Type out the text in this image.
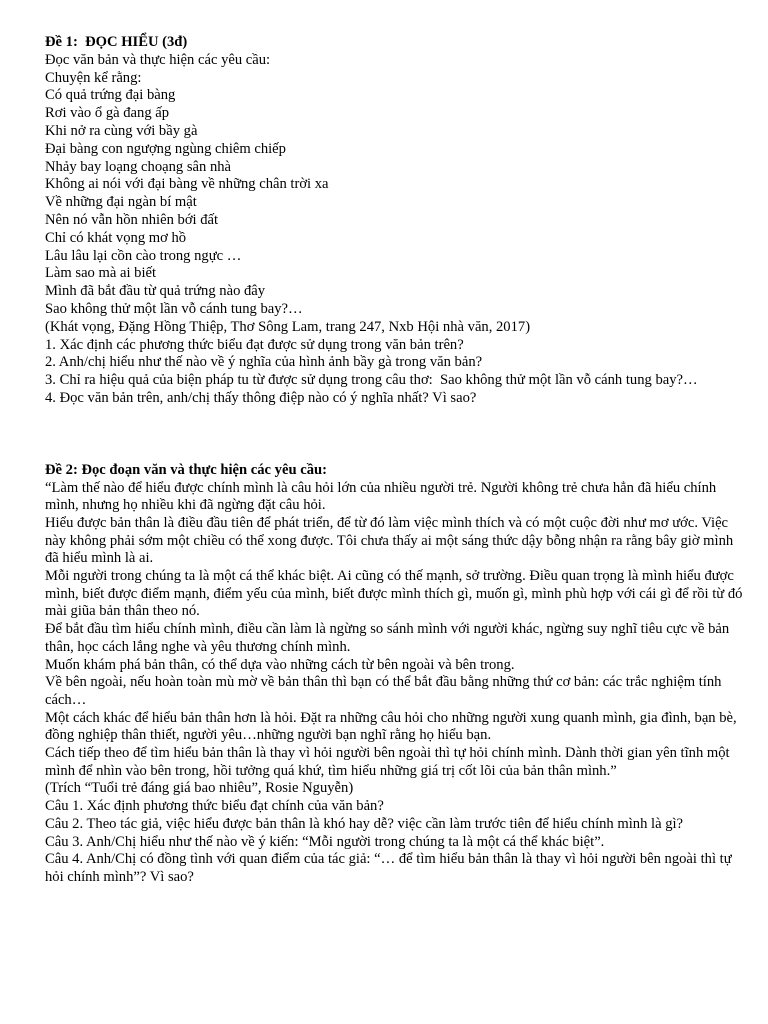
Đề 1:  ĐỌC HIỂU (3đ)
Đọc văn bản và thực hiện các yêu cầu:
Chuyện kể rằng:
Có quả trứng đại bàng
Rơi vào ổ gà đang ấp
Khi nở ra cùng với bầy gà
Đại bàng con ngượng ngùng chiêm chiếp
Nhảy bay loạng choạng sân nhà
Không ai nói với đại bàng về những chân trời xa
Về những đại ngàn bí mật
Nên nó vẫn hồn nhiên bới đất
Chỉ có khát vọng mơ hồ
Lâu lâu lại cồn cào trong ngực …
Làm sao mà ai biết
Mình đã bắt đầu từ quả trứng nào đây
Sao không thử một lần vỗ cánh tung bay?…
(Khát vọng, Đặng Hồng Thiệp, Thơ Sông Lam, trang 247, Nxb Hội nhà văn, 2017)
1. Xác định các phương thức biểu đạt được sử dụng trong văn bản trên?
2. Anh/chị hiểu như thế nào về ý nghĩa của hình ảnh bầy gà trong văn bản?
3. Chỉ ra hiệu quả của biện pháp tu từ được sử dụng trong câu thơ:  Sao không thử một lần vỗ cánh tung bay?…
4. Đọc văn bản trên, anh/chị thấy thông điệp nào có ý nghĩa nhất? Vì sao?
Đề 2: Đọc đoạn văn và thực hiện các yêu cầu:
“Làm thế nào để hiểu được chính mình là câu hỏi lớn của nhiều người trẻ. Người không trẻ chưa hẳn đã hiểu chính mình, nhưng họ nhiều khi đã ngừng đặt câu hỏi.
Hiểu được bản thân là điều đầu tiên để phát triển, để từ đó làm việc mình thích và có một cuộc đời như mơ ước. Việc này không phải sớm một chiều có thể xong được. Tôi chưa thấy ai một sáng thức dậy bỗng nhận ra rằng bây giờ mình đã hiểu mình là ai.
Mỗi người trong chúng ta là một cá thể khác biệt. Ai cũng có thế mạnh, sở trường. Điều quan trọng là mình hiểu được mình, biết được điểm mạnh, điểm yếu của mình, biết được mình thích gì, muốn gì, mình phù hợp với cái gì để rồi từ đó mài giũa bản thân theo nó.
Để bắt đầu tìm hiểu chính mình, điều cần làm là ngừng so sánh mình với người khác, ngừng suy nghĩ tiêu cực về bản thân, học cách lắng nghe và yêu thương chính mình.
Muốn khám phá bản thân, có thể dựa vào những cách từ bên ngoài và bên trong.
Về bên ngoài, nếu hoàn toàn mù mờ về bản thân thì bạn có thể bắt đầu bằng những thứ cơ bản: các trắc nghiệm tính cách…
Một cách khác để hiểu bản thân hơn là hỏi. Đặt ra những câu hỏi cho những người xung quanh mình, gia đình, bạn bè, đồng nghiệp thân thiết, người yêu…những người bạn nghĩ rằng họ hiểu bạn.
Cách tiếp theo để tìm hiểu bản thân là thay vì hỏi người bên ngoài thì tự hỏi chính mình. Dành thời gian yên tĩnh một mình để nhìn vào bên trong, hồi tưởng quá khứ, tìm hiểu những giá trị cốt lõi của bản thân mình.”
(Trích “Tuổi trẻ đáng giá bao nhiêu”, Rosie Nguyễn)
Câu 1. Xác định phương thức biểu đạt chính của văn bản?
Câu 2. Theo tác giả, việc hiểu được bản thân là khó hay dễ? việc cần làm trước tiên để hiểu chính mình là gì?
Câu 3. Anh/Chị hiểu như thế nào về ý kiến: “Mỗi người trong chúng ta là một cá thể khác biệt”.
Câu 4. Anh/Chị có đồng tình với quan điểm của tác giả: “… để tìm hiểu bản thân là thay vì hỏi người bên ngoài thì tự hỏi chính mình”? Vì sao?
